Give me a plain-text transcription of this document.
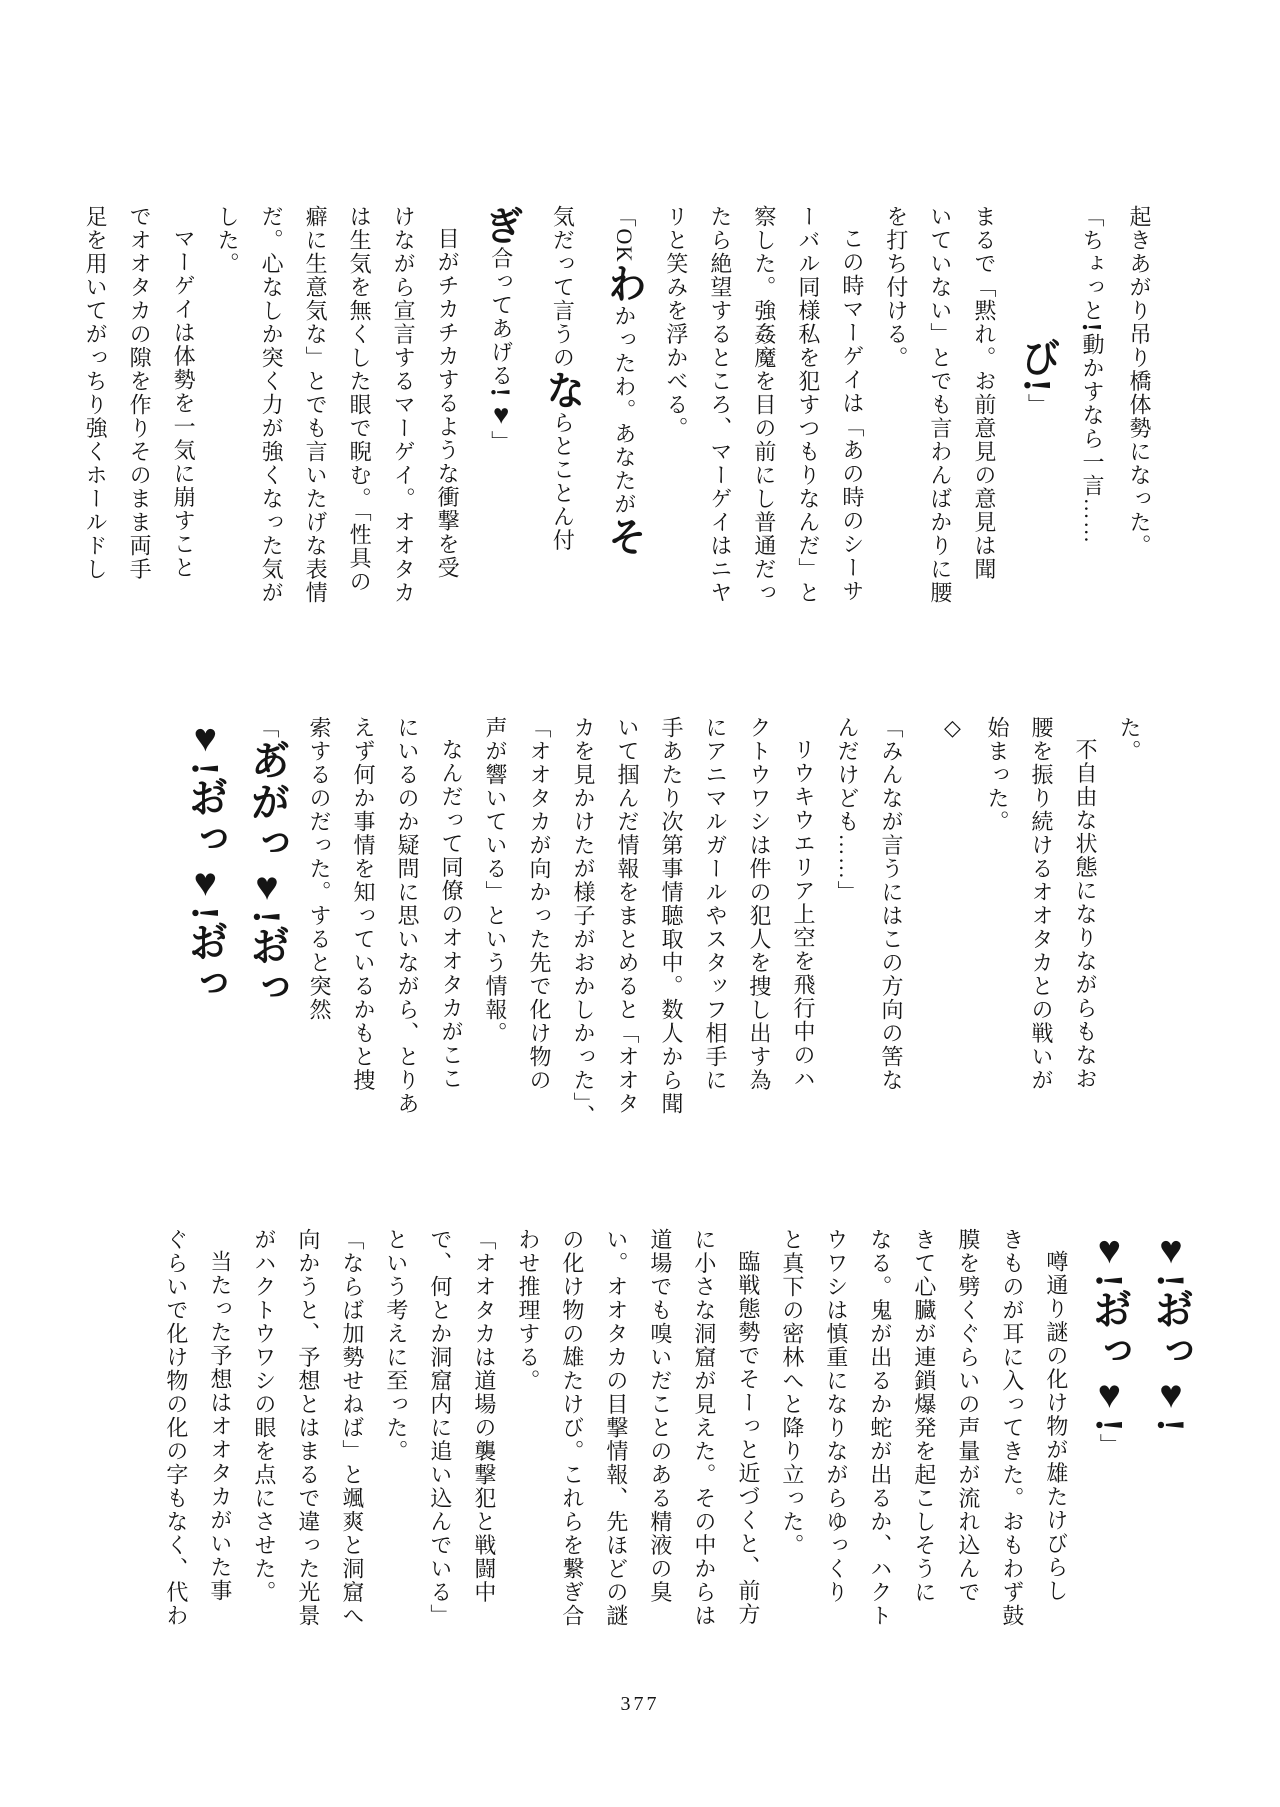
起きあがり吊り橋体勢になった。
「ちょっと!動かすなら一言……
び!」
まるで「黙れ。お前意見の意見は聞
いていない」とでも言わんばかりに腰
を打ち付ける。
この時マーゲイは「あの時のシーサ
ーバル同様私を犯すつもりなんだ」と
察した。強姦魔を目の前にし普通だっ
たら絶望するところ、マーゲイはニヤ
リと笑みを浮かべる。
「OKわかったわ。あなたがそ
気だって言うのならとことん付
ぎ合ってあげる!♥」
目がチカチカするような衝撃を受
けながら宣言するマーゲイ。オオタカ
は生気を無くした眼で睨む。「性具の
癖に生意気な」とでも言いたげな表情
だ。心なしか突く力が強くなった気が
した。
マーゲイは体勢を一気に崩すこと
でオオタカの隙を作りそのまま両手
足を用いてがっちり強くホールドし
た。
不自由な状態になりながらもなお
腰を振り続けるオオタカとの戦いが
始まった。
◇
「みんなが言うにはこの方向の筈な
んだけども……」
リウキウエリア上空を飛行中のハ
クトウワシは件の犯人を捜し出す為
にアニマルガールやスタッフ相手に
手あたり次第事情聴取中。数人から聞
いて掴んだ情報をまとめると「オオタ
カを見かけたが様子がおかしかった」、
「オオタカが向かった先で化け物の
声が響いている」という情報。
なんだって同僚のオオタカがここ
にいるのか疑問に思いながら、とりあ
えず何か事情を知っているかもと捜
索するのだった。すると突然
「あ゙がっ♥!お゙っ
♥!お゙っ♥!お゙っ
♥!お゙っ♥!
♥!お゙っ♥!」
噂通り謎の化け物が雄たけびらし
きものが耳に入ってきた。おもわず鼓
膜を劈くぐらいの声量が流れ込んで
きて心臓が連鎖爆発を起こしそうに
なる。鬼が出るか蛇が出るか、ハクト
ウワシは慎重になりながらゆっくり
と真下の密林へと降り立った。
臨戦態勢でそーっと近づくと、前方
に小さな洞窟が見えた。その中からは
道場でも嗅いだことのある精液の臭
い。オオタカの目撃情報、先ほどの謎
の化け物の雄たけび。これらを繋ぎ合
わせ推理する。
「オオタカは道場の襲撃犯と戦闘中
で、何とか洞窟内に追い込んでいる」
という考えに至った。
「ならば加勢せねば」と颯爽と洞窟へ
向かうと、予想とはまるで違った光景
がハクトウワシの眼を点にさせた。
当たった予想はオオタカがいた事
ぐらいで化け物の化の字もなく、代わ
377
